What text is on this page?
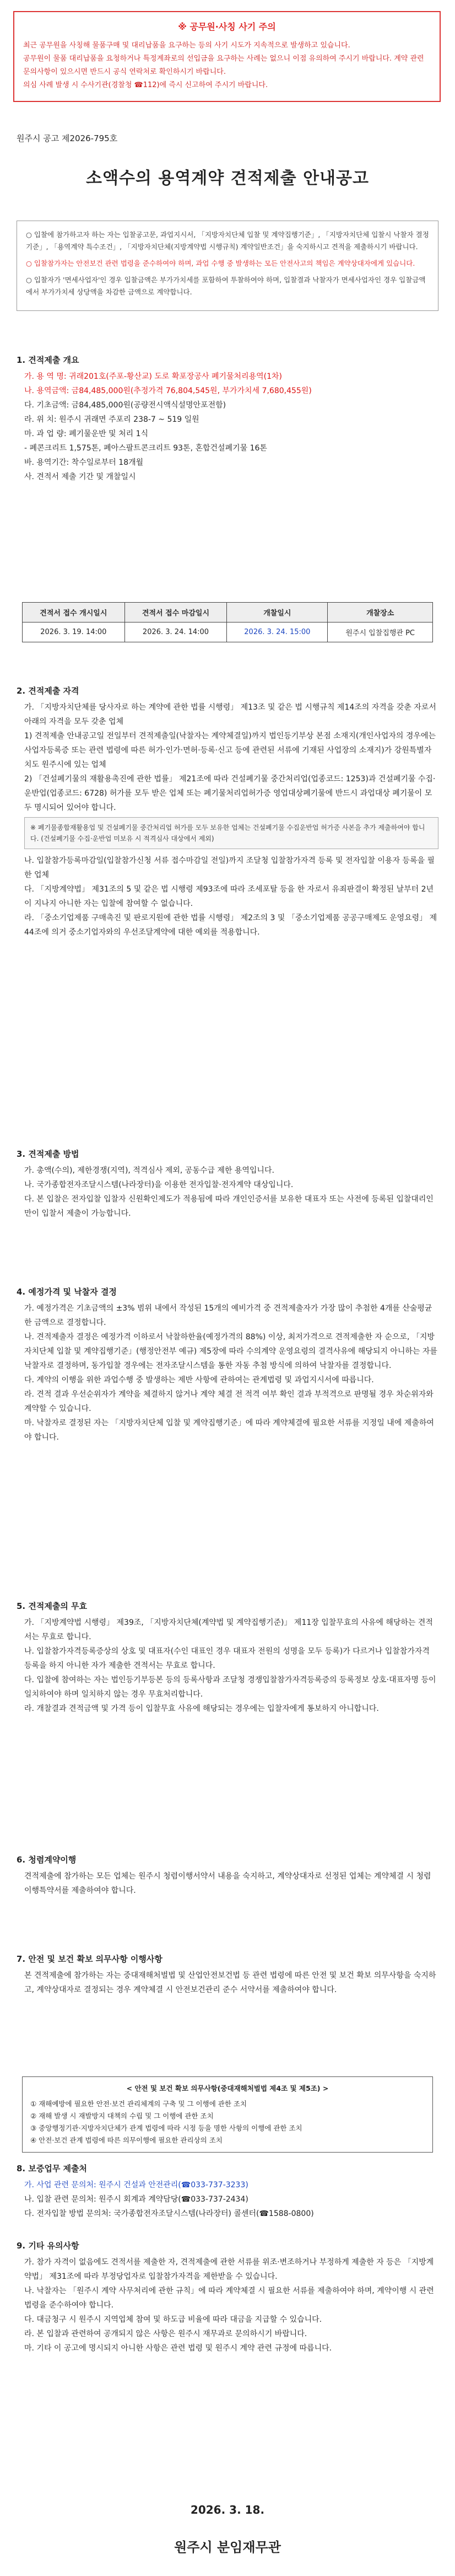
※ 공무원·사칭 사기 주의

최근 공무원을 사칭해 물품구매 및 대리납품을 요구하는 등의 사기 시도가 지속적으로 발생하고 있습니다.

공무원이 물품 대리납품을 요청하거나 특정계좌로의 선입금을 요구하는 사례는 없으니 이점 유의하여 주시기 바랍니다. 계약 관련 문의사항이 있으시면 반드시 공식 연락처로 확인하시기 바랍니다.

의심 사례 발생 시 수사기관(경찰청 ☎112)에 즉시 신고하여 주시기 바랍니다.

원주시 공고 제2026-795호
소액수의 용역계약 견적제출 안내공고

○ 입찰에 참가하고자 하는 자는 입찰공고문, 과업지시서, 「지방자치단체 입찰 및 계약집행기준」, 「지방자치단체 입찰시 낙찰자 결정기준」, 「용역계약 특수조건」, 「지방자치단체(지방계약법 시행규칙) 계약일반조건」을 숙지하시고 견적을 제출하시기 바랍니다.

○ 입찰참가자는 안전보건 관련 법령을 준수하여야 하며, 과업 수행 중 발생하는 모든 안전사고의 책임은 계약상대자에게 있습니다.

○ 입찰자가 '면세사업자'인 경우 입찰금액은 부가가치세를 포함하여 투찰하여야 하며, 입찰결과 낙찰자가 면세사업자인 경우 입찰금액에서 부가가치세 상당액을 차감한 금액으로 계약합니다.

1. 견적제출 개요
가. 용 역 명: 귀래201호(주포-황산교) 도로 확포장공사 폐기물처리용역(1차)
나. 용역금액: 금84,485,000원(추정가격 76,804,545원, 부가가치세 7,680,455원)
다. 기초금액: 금84,485,000원(공량전시액식설명안포전함)
라. 위 치: 원주시 귀래면 주포리 238-7 ~ 519 일원
마. 과 업 량: 폐기물운반 및 처리 1식
- 폐콘크리트 1,575톤, 폐아스팔트콘크리트 93톤, 혼합건설폐기물 16톤
바. 용역기간: 착수일로부터 18개월
사. 견적서 제출 기간 및 개찰일시
견적서 접수 개시일시	견적서 접수 마감일시	개찰일시	개찰장소
2026. 3. 19. 14:00	2026. 3. 24. 14:00	2026. 3. 24. 15:00	원주시 입찰집행관 PC
2. 견적제출 자격
가. 「지방자치단체를 당사자로 하는 계약에 관한 법률 시행령」 제13조 및 같은 법 시행규칙 제14조의 자격을 갖춘 자로서 아래의 자격을 모두 갖춘 업체
1) 견적제출 안내공고일 전일부터 견적제출일(낙찰자는 계약체결일)까지 법인등기부상 본점 소재지(개인사업자의 경우에는 사업자등록증 또는 관련 법령에 따른 허가·인가·면허·등록·신고 등에 관련된 서류에 기재된 사업장의 소재지)가 강원특별자치도 원주시에 있는 업체
2) 「건설폐기물의 재활용촉진에 관한 법률」 제21조에 따라 건설폐기물 중간처리업(업종코드: 1253)과 건설폐기물 수집·운반업(업종코드: 6728) 허가를 모두 받은 업체 또는 폐기물처리업허가증 영업대상폐기물에 반드시 과업대상 폐기물이 모두 명시되어 있어야 합니다.
※ 폐기물종합재활용업 및 건설폐기물 중간처리업 허가를 모두 보유한 업체는 건설폐기물 수집운반업 허가증 사본을 추가 제출하여야 합니다. (건설폐기물 수집·운반업 미보유 시 적격심사 대상에서 제외)
나. 입찰참가등록마감일(입찰참가신청 서류 접수마감일 전일)까지 조달청 입찰참가자격 등록 및 전자입찰 이용자 등록을 필한 업체
다. 「지방계약법」 제31조의 5 및 같은 법 시행령 제93조에 따라 조세포탈 등을 한 자로서 유죄판결이 확정된 날부터 2년이 지나지 아니한 자는 입찰에 참여할 수 없습니다.
라. 「중소기업제품 구매촉진 및 판로지원에 관한 법률 시행령」 제2조의 3 및 「중소기업제품 공공구매제도 운영요령」 제44조에 의거 중소기업자와의 우선조달계약에 대한 예외를 적용합니다.
3. 견적제출 방법
가. 총액(수의), 제한경쟁(지역), 적격심사 제외, 공동수급 제한 용역입니다.
나. 국가종합전자조달시스템(나라장터)을 이용한 전자입찰·전자계약 대상입니다.
다. 본 입찰은 전자입찰 입찰자 신원확인제도가 적용됨에 따라 개인인증서를 보유한 대표자 또는 사전에 등록된 입찰대리인만이 입찰서 제출이 가능합니다.
4. 예정가격 및 낙찰자 결정
가. 예정가격은 기초금액의 ±3% 범위 내에서 작성된 15개의 예비가격 중 견적제출자가 가장 많이 추첨한 4개를 산술평균한 금액으로 결정합니다.
나. 견적제출자 결정은 예정가격 이하로서 낙찰하한율(예정가격의 88%) 이상, 최저가격으로 견적제출한 자 순으로, 「지방자치단체 입찰 및 계약집행기준」(행정안전부 예규) 제5장에 따라 수의계약 운영요령의 결격사유에 해당되지 아니하는 자를 낙찰자로 결정하며, 동가입찰 경우에는 전자조달시스템을 통한 자동 추첨 방식에 의하여 낙찰자를 결정합니다.
다. 계약의 이행을 위한 과업수행 중 발생하는 제반 사항에 관하여는 관계법령 및 과업지시서에 따릅니다.
라. 견적 결과 우선순위자가 계약을 체결하지 않거나 계약 체결 전 적격 여부 확인 결과 부적격으로 판명될 경우 차순위자와 계약할 수 있습니다.
마. 낙찰자로 결정된 자는 「지방자치단체 입찰 및 계약집행기준」에 따라 계약체결에 필요한 서류를 지정일 내에 제출하여야 합니다.
5. 견적제출의 무효
가. 「지방계약법 시행령」 제39조, 「지방자치단체(계약법 및 계약집행기준)」 제11장 입찰무효의 사유에 해당하는 견적서는 무효로 합니다.
나. 입찰참가자격등록증상의 상호 및 대표자(수인 대표인 경우 대표자 전원의 성명을 모두 등록)가 다르거나 입찰참가자격 등록을 하지 아니한 자가 제출한 견적서는 무효로 합니다.
다. 입찰에 참여하는 자는 법인등기부등본 등의 등록사항과 조달청 경쟁입찰참가자격등록증의 등록정보 상호·대표자명 등이 일치하여야 하며 일치하지 않는 경우 무효처리합니다.
라. 개찰결과 견적금액 및 가격 등이 입찰무효 사유에 해당되는 경우에는 입찰자에게 통보하지 아니합니다.
6. 청렴계약이행
견적제출에 참가하는 모든 업체는 원주시 청렴이행서약서 내용을 숙지하고, 계약상대자로 선정된 업체는 계약체결 시 청렴이행특약서를 제출하여야 합니다.
7. 안전 및 보건 확보 의무사항 이행사항
본 견적제출에 참가하는 자는 중대재해처벌법 및 산업안전보건법 등 관련 법령에 따른 안전 및 보건 확보 의무사항을 숙지하고, 계약상대자로 결정되는 경우 계약체결 시 안전보건관리 준수 서약서를 제출하여야 합니다.
< 안전 및 보건 확보 의무사항(중대재해처벌법 제4조 및 제5조) >
① 재해예방에 필요한 안전·보건 관리체계의 구축 및 그 이행에 관한 조치
② 재해 발생 시 재발방지 대책의 수립 및 그 이행에 관한 조치
③ 중앙행정기관·지방자치단체가 관계 법령에 따라 시정 등을 명한 사항의 이행에 관한 조치
④ 안전·보건 관계 법령에 따른 의무이행에 필요한 관리상의 조치
8. 보증업무 제출처
가. 사업 관련 문의처: 원주시 건설과 안전관리(☎033-737-3233)
나. 입찰 관련 문의처: 원주시 회계과 계약담당(☎033-737-2434)
다. 전자입찰 방법 문의처: 국가종합전자조달시스템(나라장터) 콜센터(☎1588-0800)
9. 기타 유의사항
가. 참가 자격이 없음에도 견적서를 제출한 자, 견적제출에 관한 서류를 위조·변조하거나 부정하게 제출한 자 등은 「지방계약법」 제31조에 따라 부정당업자로 입찰참가자격을 제한받을 수 있습니다.
나. 낙찰자는 「원주시 계약 사무처리에 관한 규칙」에 따라 계약체결 시 필요한 서류를 제출하여야 하며, 계약이행 시 관련 법령을 준수하여야 합니다.
다. 대금청구 시 원주시 지역업체 참여 및 하도급 비율에 따라 대금을 지급할 수 있습니다.
라. 본 입찰과 관련하여 공개되지 않은 사항은 원주시 재무과로 문의하시기 바랍니다.
마. 기타 이 공고에 명시되지 아니한 사항은 관련 법령 및 원주시 계약 관련 규정에 따릅니다.
2026. 3. 18.
원주시 분임재무관
